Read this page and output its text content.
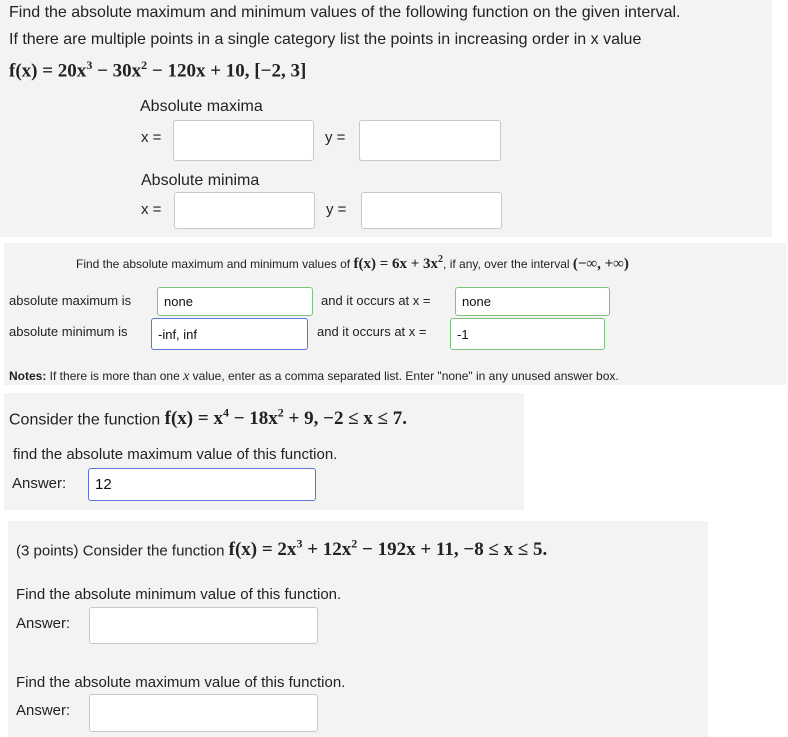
Find the absolute maximum and minimum values of the following function on the given interval.
If there are multiple points in a single category list the points in increasing order in x value
$f(x) = 20x^3 - 30x^2 - 120x + 10$, [−2, 3]
Absolute maxima
x =	y =
Absolute minima
x =	y =
Find the absolute maximum and minimum values of $f(x) = 6x + 3x^2$, if any, over the interval (−∞, +∞)
absolute maximum is	none	and it occurs at x =	none
absolute minimum is	-inf, inf	and it occurs at x =	-1
Notes: If there is more than one x value, enter as a comma separated list. Enter "none" in any unused answer box.
Consider the function $f(x) = x^4 - 18x^2 + 9$, −2 ≤ x ≤ 7.
find the absolute maximum value of this function.
Answer:	12
(3 points) Consider the function $f(x) = 2x^3 + 12x^2 - 192x + 11$, −8 ≤ x ≤ 5.
Find the absolute minimum value of this function.
Answer:
Find the absolute maximum value of this function.
Answer:
